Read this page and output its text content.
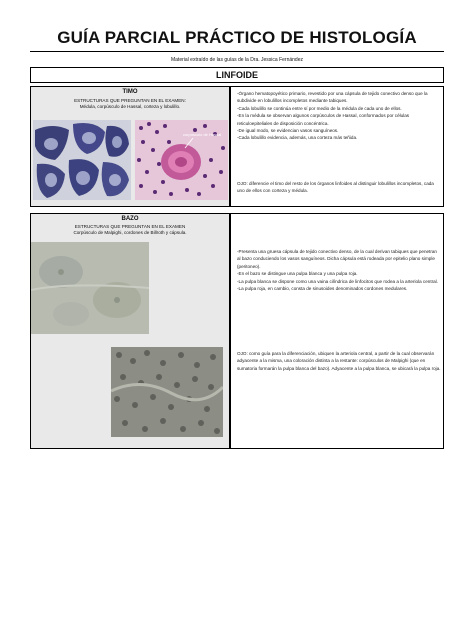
GUÍA PARCIAL PRÁCTICO DE HISTOLOGÍA
Material extraído de las guías de la Dra. Jessica Fernández
LINFOIDE
TIMO
ESTRUCTURAS QUE PREGUNTAN EN EL EXAMEN:
Médula, corpúsculo de Hassal, corteza y lobulillo.
corpúsculo de Hassal

-Órgano hematopoyético primario, revestido por una cápsula de tejido conectivo denso que la subdivide en lobulillos incompletos mediante tabiques.

-Cada lobulillo se continúa entre sí por medio de la médula de cada uno de ellos.

-En la médula se observan algunos corpúsculos de Hassal, conformados por células reticuloepiteliales de disposición concéntrica.

-De igual modo, se evidencian vasos sanguíneos.

-Cada lobulillo evidencia, además, una corteza más teñida.

OJO: diferencie el timo del resto de los órganos linfoides al distinguir lobulillos incompletos, cada uno de ellos con corteza y médula.
BAZO
ESTRUCTURAS QUE PREGUNTAN EN EL EXAMEN
Corpúsculo de Malpighi, cordones de Billroth y cápsula.

-Presenta una gruesa cápsula de tejido conectivo denso, de la cual derivan tabiques que penetran al bazo conduciendo los vasos sanguíneos. Dicha cápsula está rodeada por epitelio plano simple (peritoneo).

-En el bazo se distingue una pulpa blanca y una pulpa roja.

-La pulpa blanca se dispone como una vaina cilíndrica de linfocitos que rodea a la arteriola central.

-La pulpa roja, en cambio, consta de sinusoides denominados cordones medulares.

OJO: como guía para la diferenciación, ubiquen la arteriola central, a partir de la cual observarán adyacente a la misma, una coloración distinta a la restante: corpúsculos de Malpighi (que en sumatoria formarán la pulpa blanca del bazo). Adyacente a la pulpa blanca, se ubicará la pulpa roja.
